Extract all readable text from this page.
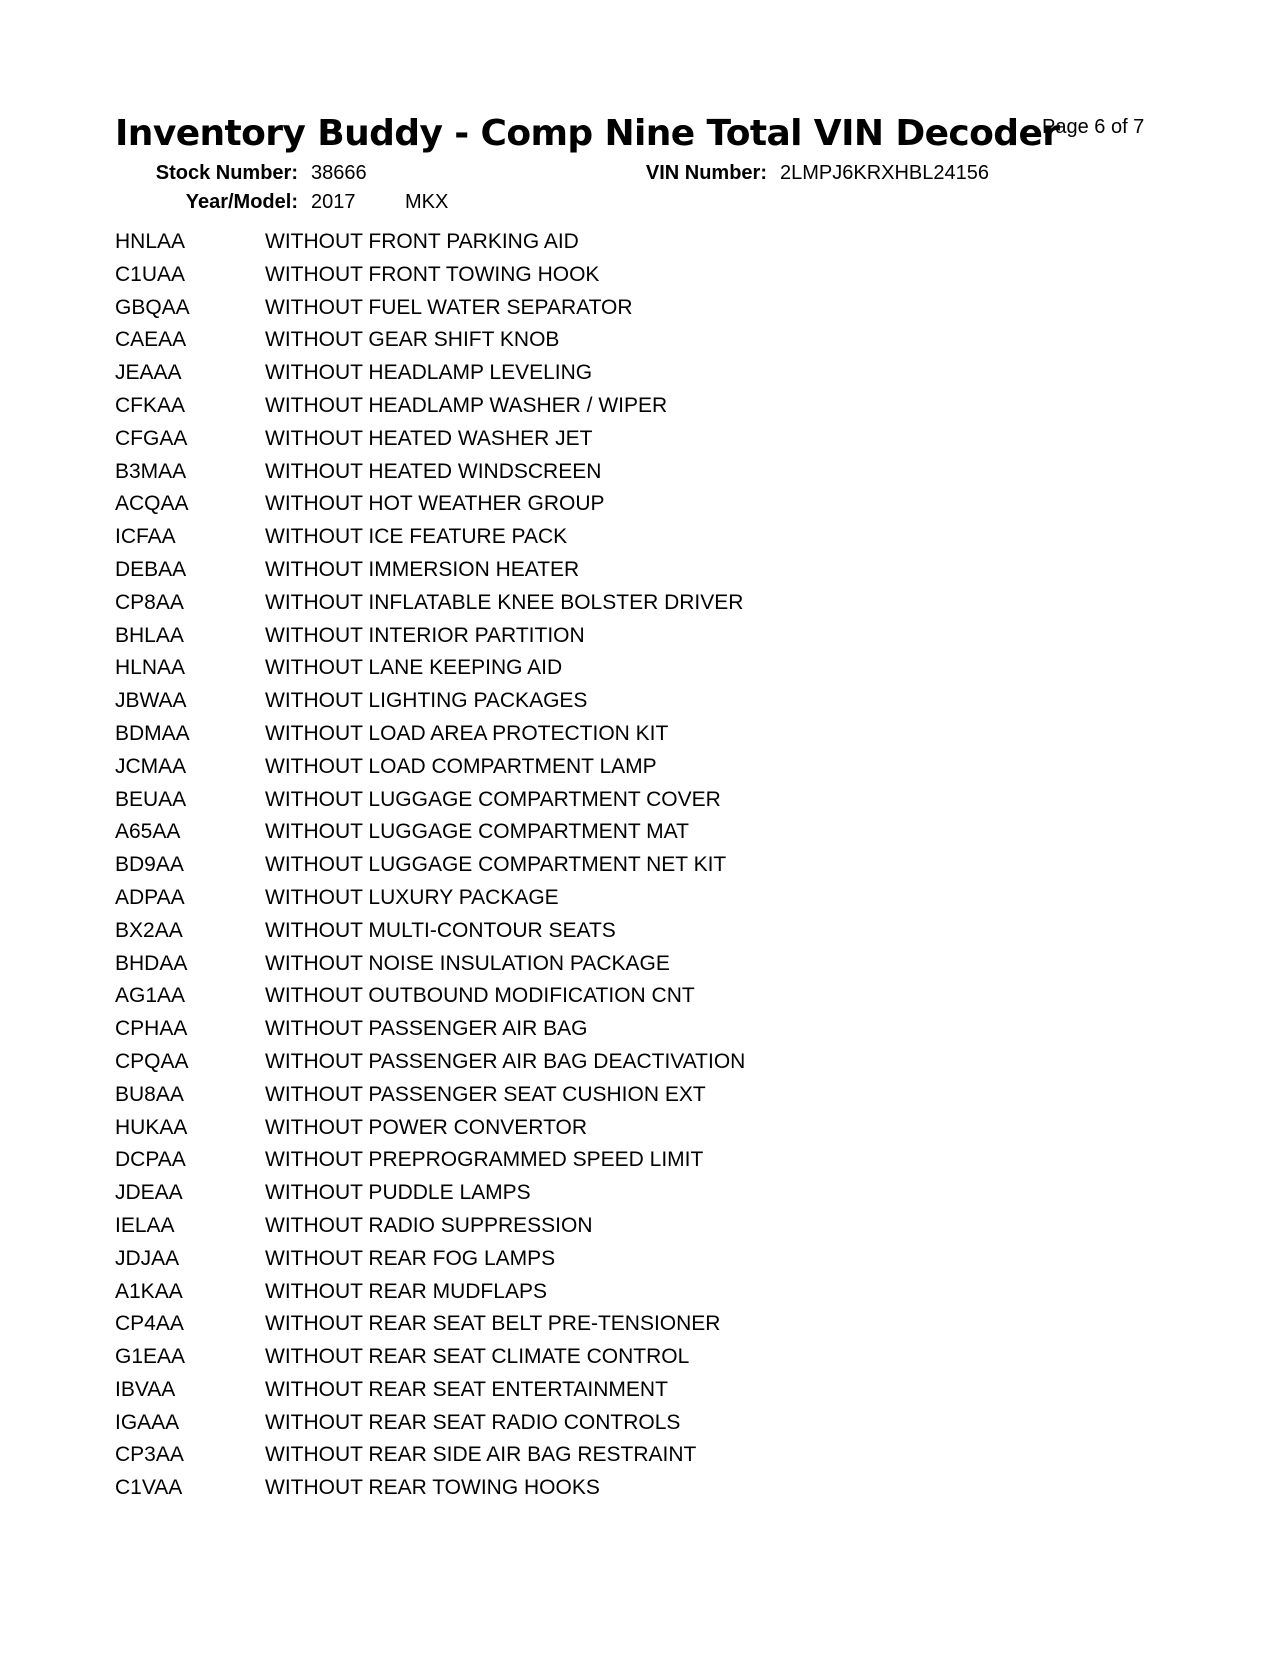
Inventory Buddy - Comp Nine Total VIN Decoder
Page 6 of 7
Stock Number: 38666	VIN Number: 2LMPJ6KRXHBL24156
Year/Model: 2017 MKX
HNLAA	WITHOUT FRONT PARKING AID
C1UAA	WITHOUT FRONT TOWING HOOK
GBQAA	WITHOUT FUEL WATER SEPARATOR
CAEAA	WITHOUT GEAR SHIFT KNOB
JEAAA	WITHOUT HEADLAMP LEVELING
CFKAA	WITHOUT HEADLAMP WASHER / WIPER
CFGAA	WITHOUT HEATED WASHER JET
B3MAA	WITHOUT HEATED WINDSCREEN
ACQAA	WITHOUT HOT WEATHER GROUP
ICFAA	WITHOUT ICE FEATURE PACK
DEBAA	WITHOUT IMMERSION HEATER
CP8AA	WITHOUT INFLATABLE KNEE BOLSTER DRIVER
BHLAA	WITHOUT INTERIOR PARTITION
HLNAA	WITHOUT LANE KEEPING AID
JBWAA	WITHOUT LIGHTING PACKAGES
BDMAA	WITHOUT LOAD AREA PROTECTION KIT
JCMAA	WITHOUT LOAD COMPARTMENT LAMP
BEUAA	WITHOUT LUGGAGE COMPARTMENT COVER
A65AA	WITHOUT LUGGAGE COMPARTMENT MAT
BD9AA	WITHOUT LUGGAGE COMPARTMENT NET KIT
ADPAA	WITHOUT LUXURY PACKAGE
BX2AA	WITHOUT MULTI-CONTOUR SEATS
BHDAA	WITHOUT NOISE INSULATION PACKAGE
AG1AA	WITHOUT OUTBOUND MODIFICATION CNT
CPHAA	WITHOUT PASSENGER AIR BAG
CPQAA	WITHOUT PASSENGER AIR BAG DEACTIVATION
BU8AA	WITHOUT PASSENGER SEAT CUSHION EXT
HUKAA	WITHOUT POWER CONVERTOR
DCPAA	WITHOUT PREPROGRAMMED SPEED LIMIT
JDEAA	WITHOUT PUDDLE LAMPS
IELAA	WITHOUT RADIO SUPPRESSION
JDJAA	WITHOUT REAR FOG LAMPS
A1KAA	WITHOUT REAR MUDFLAPS
CP4AA	WITHOUT REAR SEAT BELT PRE-TENSIONER
G1EAA	WITHOUT REAR SEAT CLIMATE CONTROL
IBVAA	WITHOUT REAR SEAT ENTERTAINMENT
IGAAA	WITHOUT REAR SEAT RADIO CONTROLS
CP3AA	WITHOUT REAR SIDE AIR BAG RESTRAINT
C1VAA	WITHOUT REAR TOWING HOOKS
